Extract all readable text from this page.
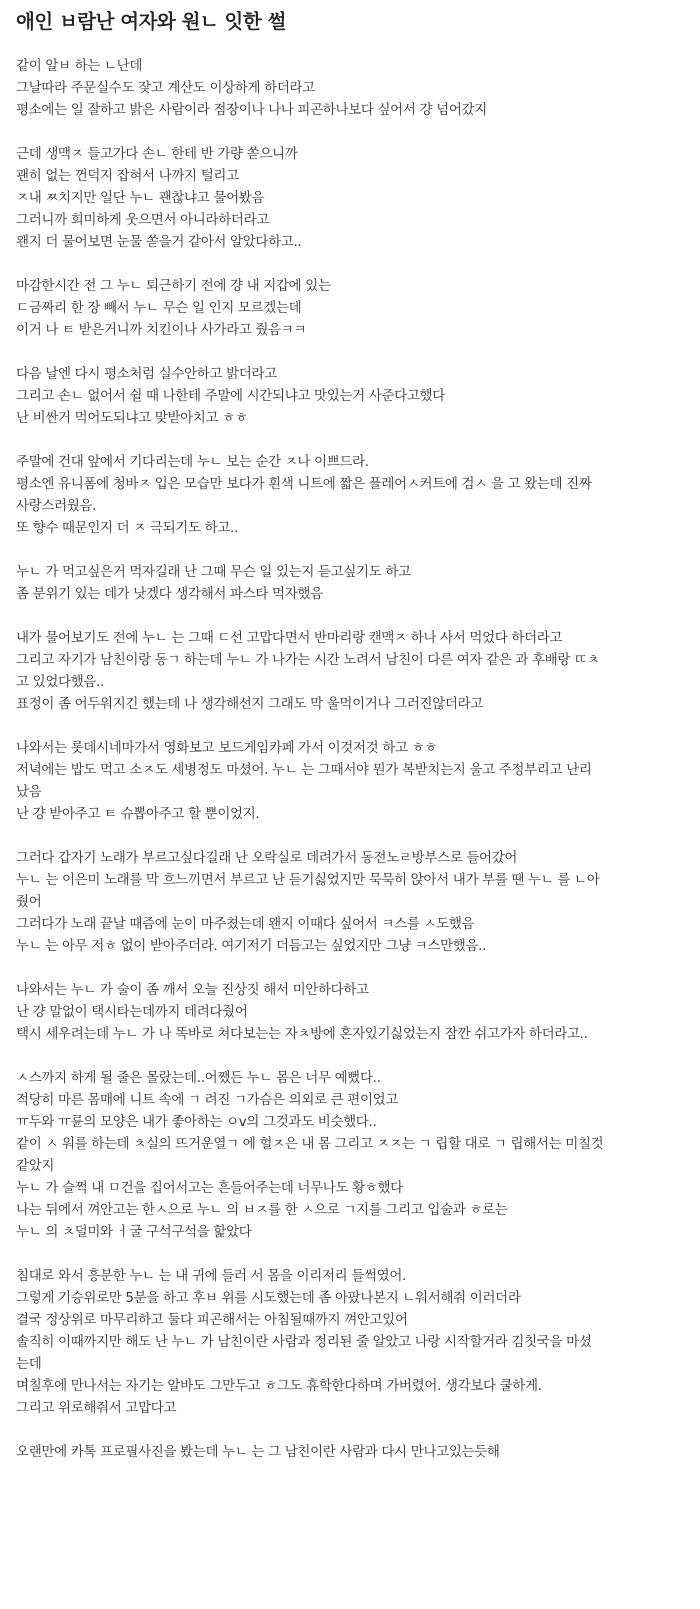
애인 ㅂ람난 여자와 원ㄴ 잇한 썰
같이 알ㅂ 하는 ㄴ난데
그날따라 주문실수도 잦고 계산도 이상하게 하더라고
평소에는 일 잘하고 밝은 사람이라 점장이나 나나 피곤하나보다 싶어서 걍 넘어갔지
근데 생맥ㅈ 들고가다 손ㄴ 한테 반 가량 쏟으니까
괜히 없는 껀덕지 잡혀서 나까지 털리고
ㅈ내 ㅉ치지만 일단 누ㄴ 괜찮냐고 물어봤음
그러니까 희미하게 웃으면서 아니라하더라고
왠지 더 물어보면 눈물 쏟을거 같아서 알았다하고..
마감한시간 전 그 누ㄴ 퇴근하기 전에 걍 내 지갑에 있는
ㄷ금짜리 한 장 빼서 누ㄴ 무슨 일 인지 모르겠는데
이거 나 ㅌ 받은거니까 치킨이나 사가라고 줬음ㅋㅋ
다음 날엔 다시 평소처럼 실수안하고 밝더라고
그리고 손ㄴ 없어서 쉴 때 나한테 주말에 시간되냐고 맛있는거 사준다고했다
난 비싼거 먹어도되냐고 맞받아치고 ㅎㅎ
주말에 건대 앞에서 기다리는데 누ㄴ 보는 순간 ㅈ나 이쁘드라.
평소엔 유니폼에 청바ㅈ 입은 모습만 보다가 흰색 니트에 짧은 플레어ㅅ커트에 검ㅅ 을 고 왔는데 진짜
사랑스러웠음.
또 향수 때문인지 더 ㅈ 극되기도 하고..
누ㄴ 가 먹고싶은거 먹자길래 난 그때 무슨 일 있는지 듣고싶기도 하고
좀 분위기 있는 데가 낫겠다 생각해서 파스타 먹자했음
내가 물어보기도 전에 누ㄴ 는 그때 ㄷ선 고맙다면서 반마리랑 캔맥ㅈ 하나 사서 먹었다 하더라고
그리고 자기가 남친이랑 동ㄱ 하는데 누ㄴ 가 나가는 시간 노려서 남친이 다른 여자 같은 과 후배랑 ㄸㅊ
고 있었다했음..
표정이 좀 어두워지긴 했는데 나 생각해선지 그래도 막 울먹이거나 그러진않더라고
나와서는 롯데시네마가서 영화보고 보드게임카페 가서 이것저것 하고 ㅎㅎ
저녁에는 밥도 먹고 소ㅈ도 세병정도 마셨어. 누ㄴ 는 그때서야 뭔가 복받치는지 울고 주정부리고 난리
났음
난 걍 받아주고 ㅌ 슈뽑아주고 할 뿐이었지.
그러다 갑자기 노래가 부르고싶다길래 난 오락실로 데려가서 동전노ㄹ방부스로 들어갔어
누ㄴ 는 이은미 노래를 막 흐느끼면서 부르고 난 듣기싫었지만 묵묵히 앉아서 내가 부를 땐 누ㄴ 를 ㄴ아
줬어
그러다가 노래 끝날 때즘에 눈이 마주쳤는데 왠지 이때다 싶어서 ㅋ스를 ㅅ도했음
누ㄴ 는 아무 저ㅎ 없이 받아주더라. 여기저기 더듬고는 싶었지만 그냥 ㅋ스만했음..
나와서는 누ㄴ 가 술이 좀 깨서 오늘 진상짓 해서 미안하다하고
난 걍 말없이 택시타는데까지 데려다줬어
택시 세우려는데 누ㄴ 가 나 똑바로 쳐다보는는 자ㅊ방에 혼자있기싫었는지 잠깐 쉬고가자 하더라고..
ㅅ스까지 하게 될 줄은 몰랐는데..어쨌든 누ㄴ 몸은 너무 예뻤다..
적당히 마른 몸매에 니트 속에 ㄱ 려진 ㄱ가슴은 의외로 큰 편이었고
ㅠ두와 ㅠ륜의 모양은 내가 좋아하는 ㅇv의 그것과도 비슷했다..
같이 ㅅ 워를 하는데 ㅊ실의 뜨거운열ㄱ 에 헐ㅈ은 내 몸 그리고 ㅈㅈ는 ㄱ 립할 대로 ㄱ 립해서는 미칠것
같았지
누ㄴ 가 슬쩍 내 ㅁ건을 집어서고는 흔들어주는데 너무나도 황ㅎ했다
나는 뒤에서 껴안고는 한ㅅ으로 누ㄴ 의 ㅂㅈ를 한 ㅅ으로 ㄱ지를 그리고 입술과 ㅎ로는
누ㄴ 의 ㅊ덜미와 ㅓ굴 구석구석을 핥았다
침대로 와서 흥분한 누ㄴ 는 내 귀에 들러 서 몸을 이리저리 들썩였어.
그렇게 기승위로만 5분을 하고 후ㅂ 위를 시도했는데 좀 아팠나본지 ㄴ워서해줘 이러더라
결국 정상위로 마무리하고 둘다 피곤해서는 아침될때까지 껴안고있어
솔직히 이때까지만 해도 난 누ㄴ 가 남친이란 사람과 정리된 줄 알았고 나랑 시작할거라 김칫국을 마셨
는데
며칠후에 만나서는 자기는 알바도 그만두고 ㅎ그도 휴학한다하며 가버렸어. 생각보다 쿨하게.
그리고 위로해줘서 고맙다고
오랜만에 카톡 프로필사진을 봤는데 누ㄴ 는 그 남친이란 사람과 다시 만나고있는듯해
